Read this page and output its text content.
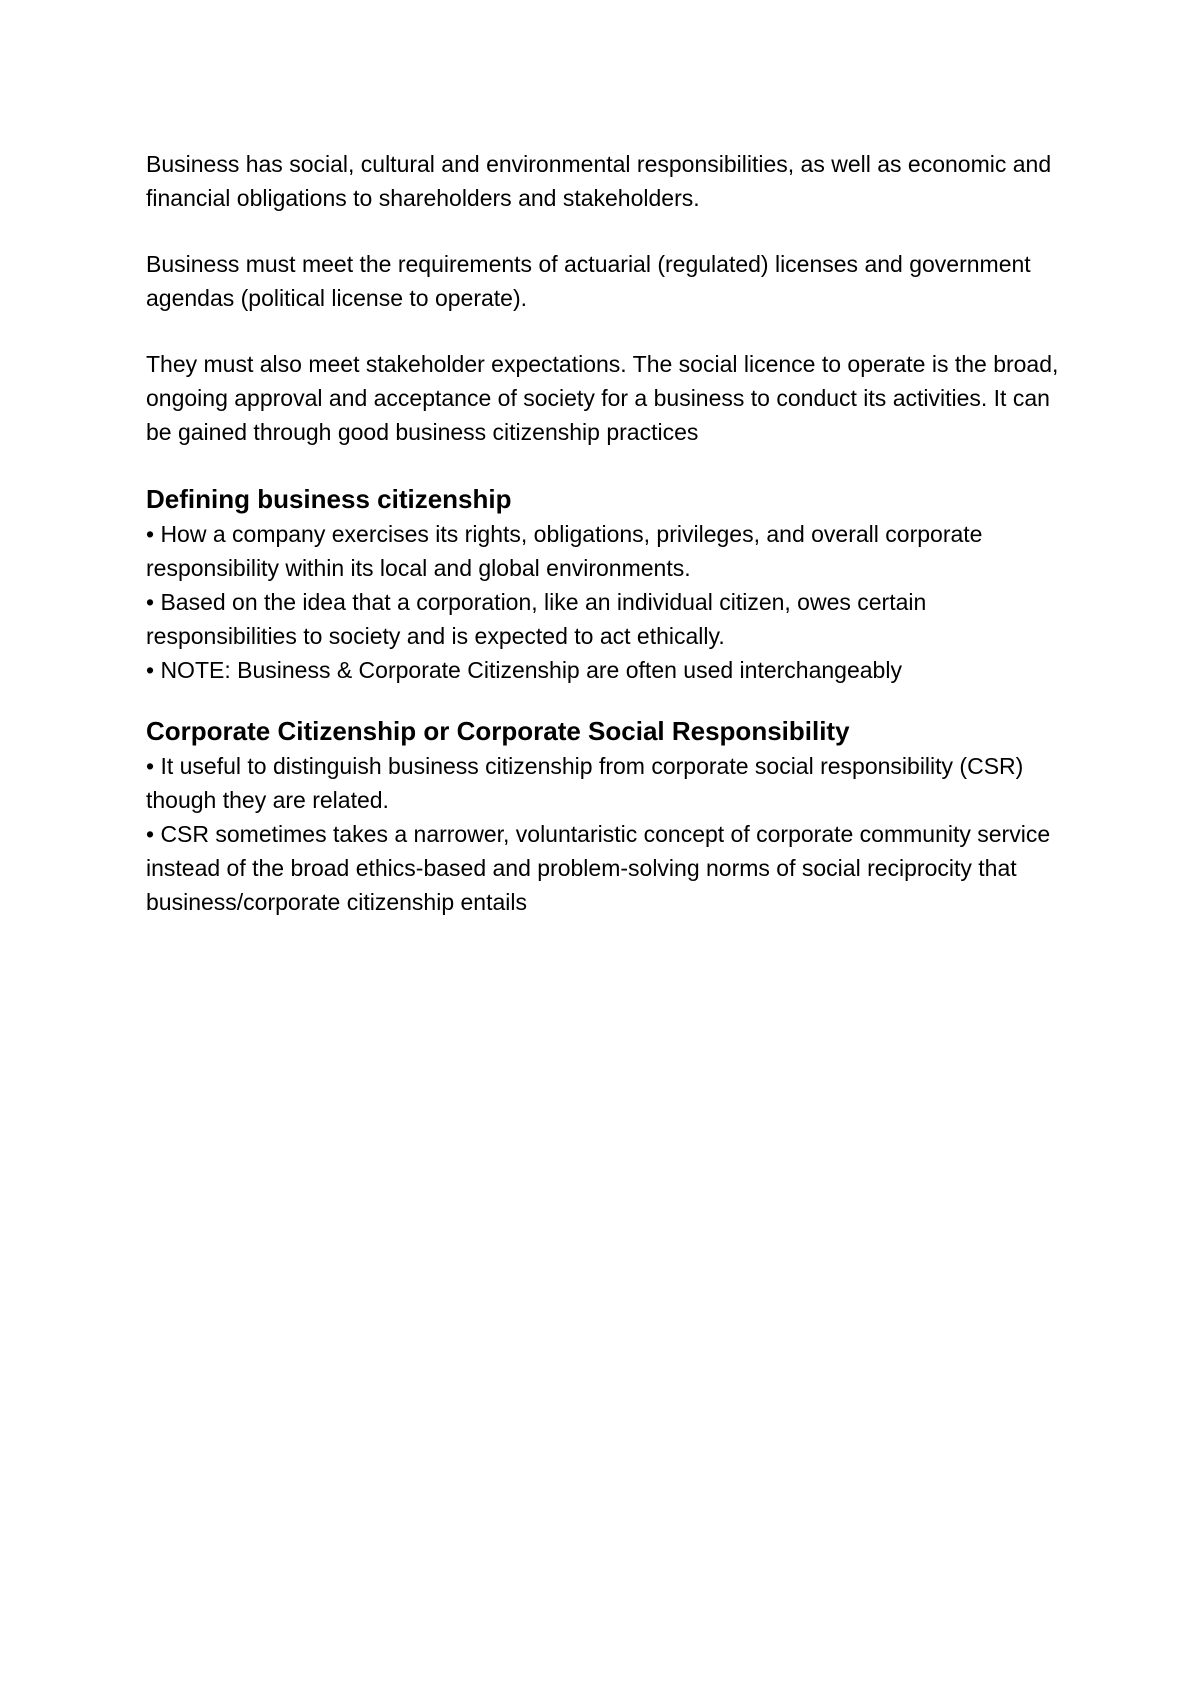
Business has social, cultural and environmental responsibilities, as well as economic and financial obligations to shareholders and stakeholders.

Business must meet the requirements of actuarial (regulated) licenses and government agendas (political license to operate).

They must also meet stakeholder expectations. The social licence to operate is the broad, ongoing approval and acceptance of society for a business to conduct its activities. It can be gained through good business citizenship practices

Defining business citizenship

• How a company exercises its rights, obligations, privileges, and overall corporate responsibility within its local and global environments.

• Based on the idea that a corporation, like an individual citizen, owes certain responsibilities to society and is expected to act ethically.

• NOTE: Business & Corporate Citizenship are often used interchangeably

Corporate Citizenship or Corporate Social Responsibility

• It useful to distinguish business citizenship from corporate social responsibility (CSR) though they are related.

• CSR sometimes takes a narrower, voluntaristic concept of corporate community service instead of the broad ethics-based and problem-solving norms of social reciprocity that business/corporate citizenship entails
